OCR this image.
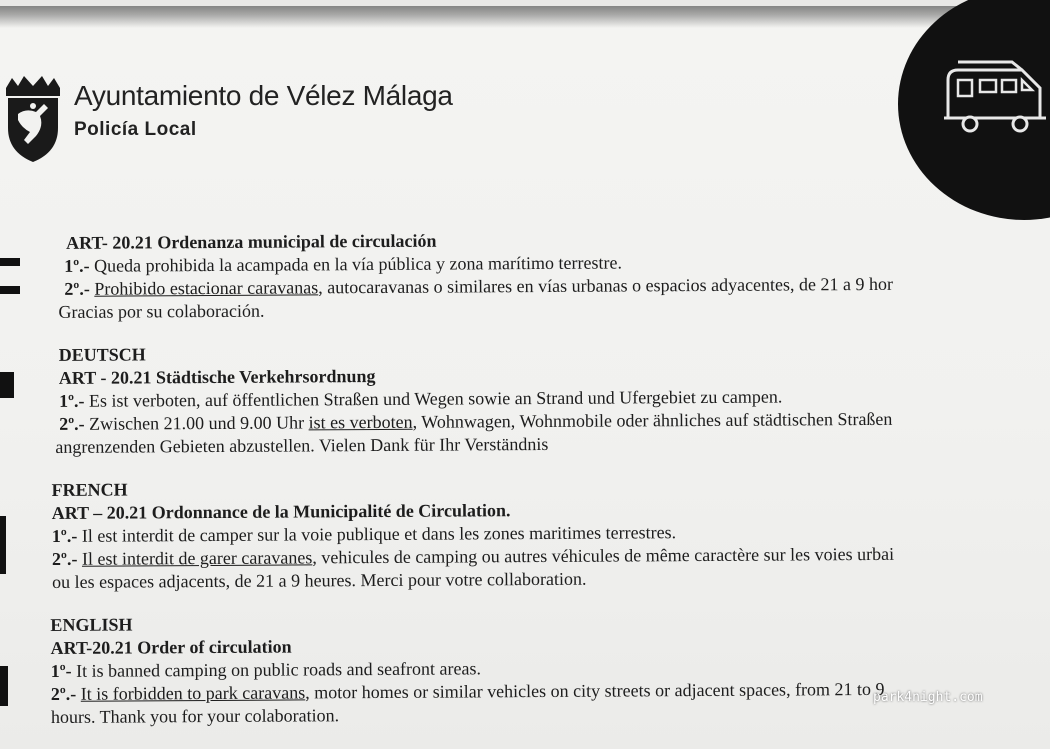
Ayuntamiento de Vélez Málaga
Policía Local
ART- 20.21 Ordenanza municipal de circulación
1º.- Queda prohibida la acampada en la vía pública y zona marítimo terrestre.
2º.- Prohibido estacionar caravanas, autocaravanas o similares en vías urbanas o espacios adyacentes, de 21 a 9 hor
Gracias por su colaboración.
DEUTSCH
ART - 20.21 Städtische Verkehrsordnung
1º.- Es ist verboten, auf öffentlichen Straßen und Wegen sowie an Strand und Ufergebiet zu campen.
2º.- Zwischen 21.00 und 9.00 Uhr ist es verboten, Wohnwagen, Wohnmobile oder ähnliches auf städtischen Straßen
angrenzenden Gebieten abzustellen. Vielen Dank für Ihr Verständnis
FRENCH
ART – 20.21 Ordonnance de la Municipalité de Circulation.
1º.- Il est interdit de camper sur la voie publique et dans les zones maritimes terrestres.
2º.- Il est interdit de garer caravanes, vehicules de camping ou autres véhicules de même caractère sur les voies urbai
ou les espaces adjacents, de 21 a 9 heures. Merci pour votre collaboration.
ENGLISH
ART-20.21 Order of circulation
1º- It is banned camping on public roads and seafront areas.
2º.- It is forbidden to park caravans, motor homes or similar vehicles on city streets or adjacent spaces, from 21 to 9
hours. Thank you for your colaboration.
park4night.com
